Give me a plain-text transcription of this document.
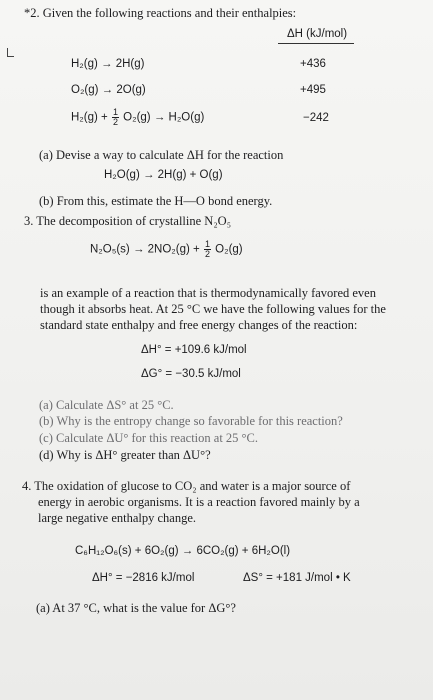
*2. Given the following reactions and their enthalpies:
ΔH (kJ/mol)
H₂(g) → 2H(g)	+436
O₂(g) → 2O(g)	+495
$H_2(g) + \frac{1}{2} O_2(g) \to H_2O(g)$	−242
(a) Devise a way to calculate ΔH for the reaction
H₂O(g) → 2H(g) + O(g)
(b) From this, estimate the H—O bond energy.
3. The decomposition of crystalline N₂O₅
$N_2O_5(s) \to 2NO_2(g) + \frac{1}{2} O_2(g)$
is an example of a reaction that is thermodynamically favored even
though it absorbs heat. At 25 °C we have the following values for the
standard state enthalpy and free energy changes of the reaction:
ΔH° = +109.6 kJ/mol
ΔG° = −30.5 kJ/mol
(a) Calculate ΔS° at 25 °C.
(b) Why is the entropy change so favorable for this reaction?
(c) Calculate ΔU° for this reaction at 25 °C.
(d) Why is ΔH° greater than ΔU°?
4. The oxidation of glucose to CO₂ and water is a major source of
energy in aerobic organisms. It is a reaction favored mainly by a
large negative enthalpy change.
C₆H₁₂O₆(s) + 6O₂(g) → 6CO₂(g) + 6H₂O(l)
ΔH° = −2816 kJ/mol	ΔS° = +181 J/mol • K
(a) At 37 °C, what is the value for ΔG°?
